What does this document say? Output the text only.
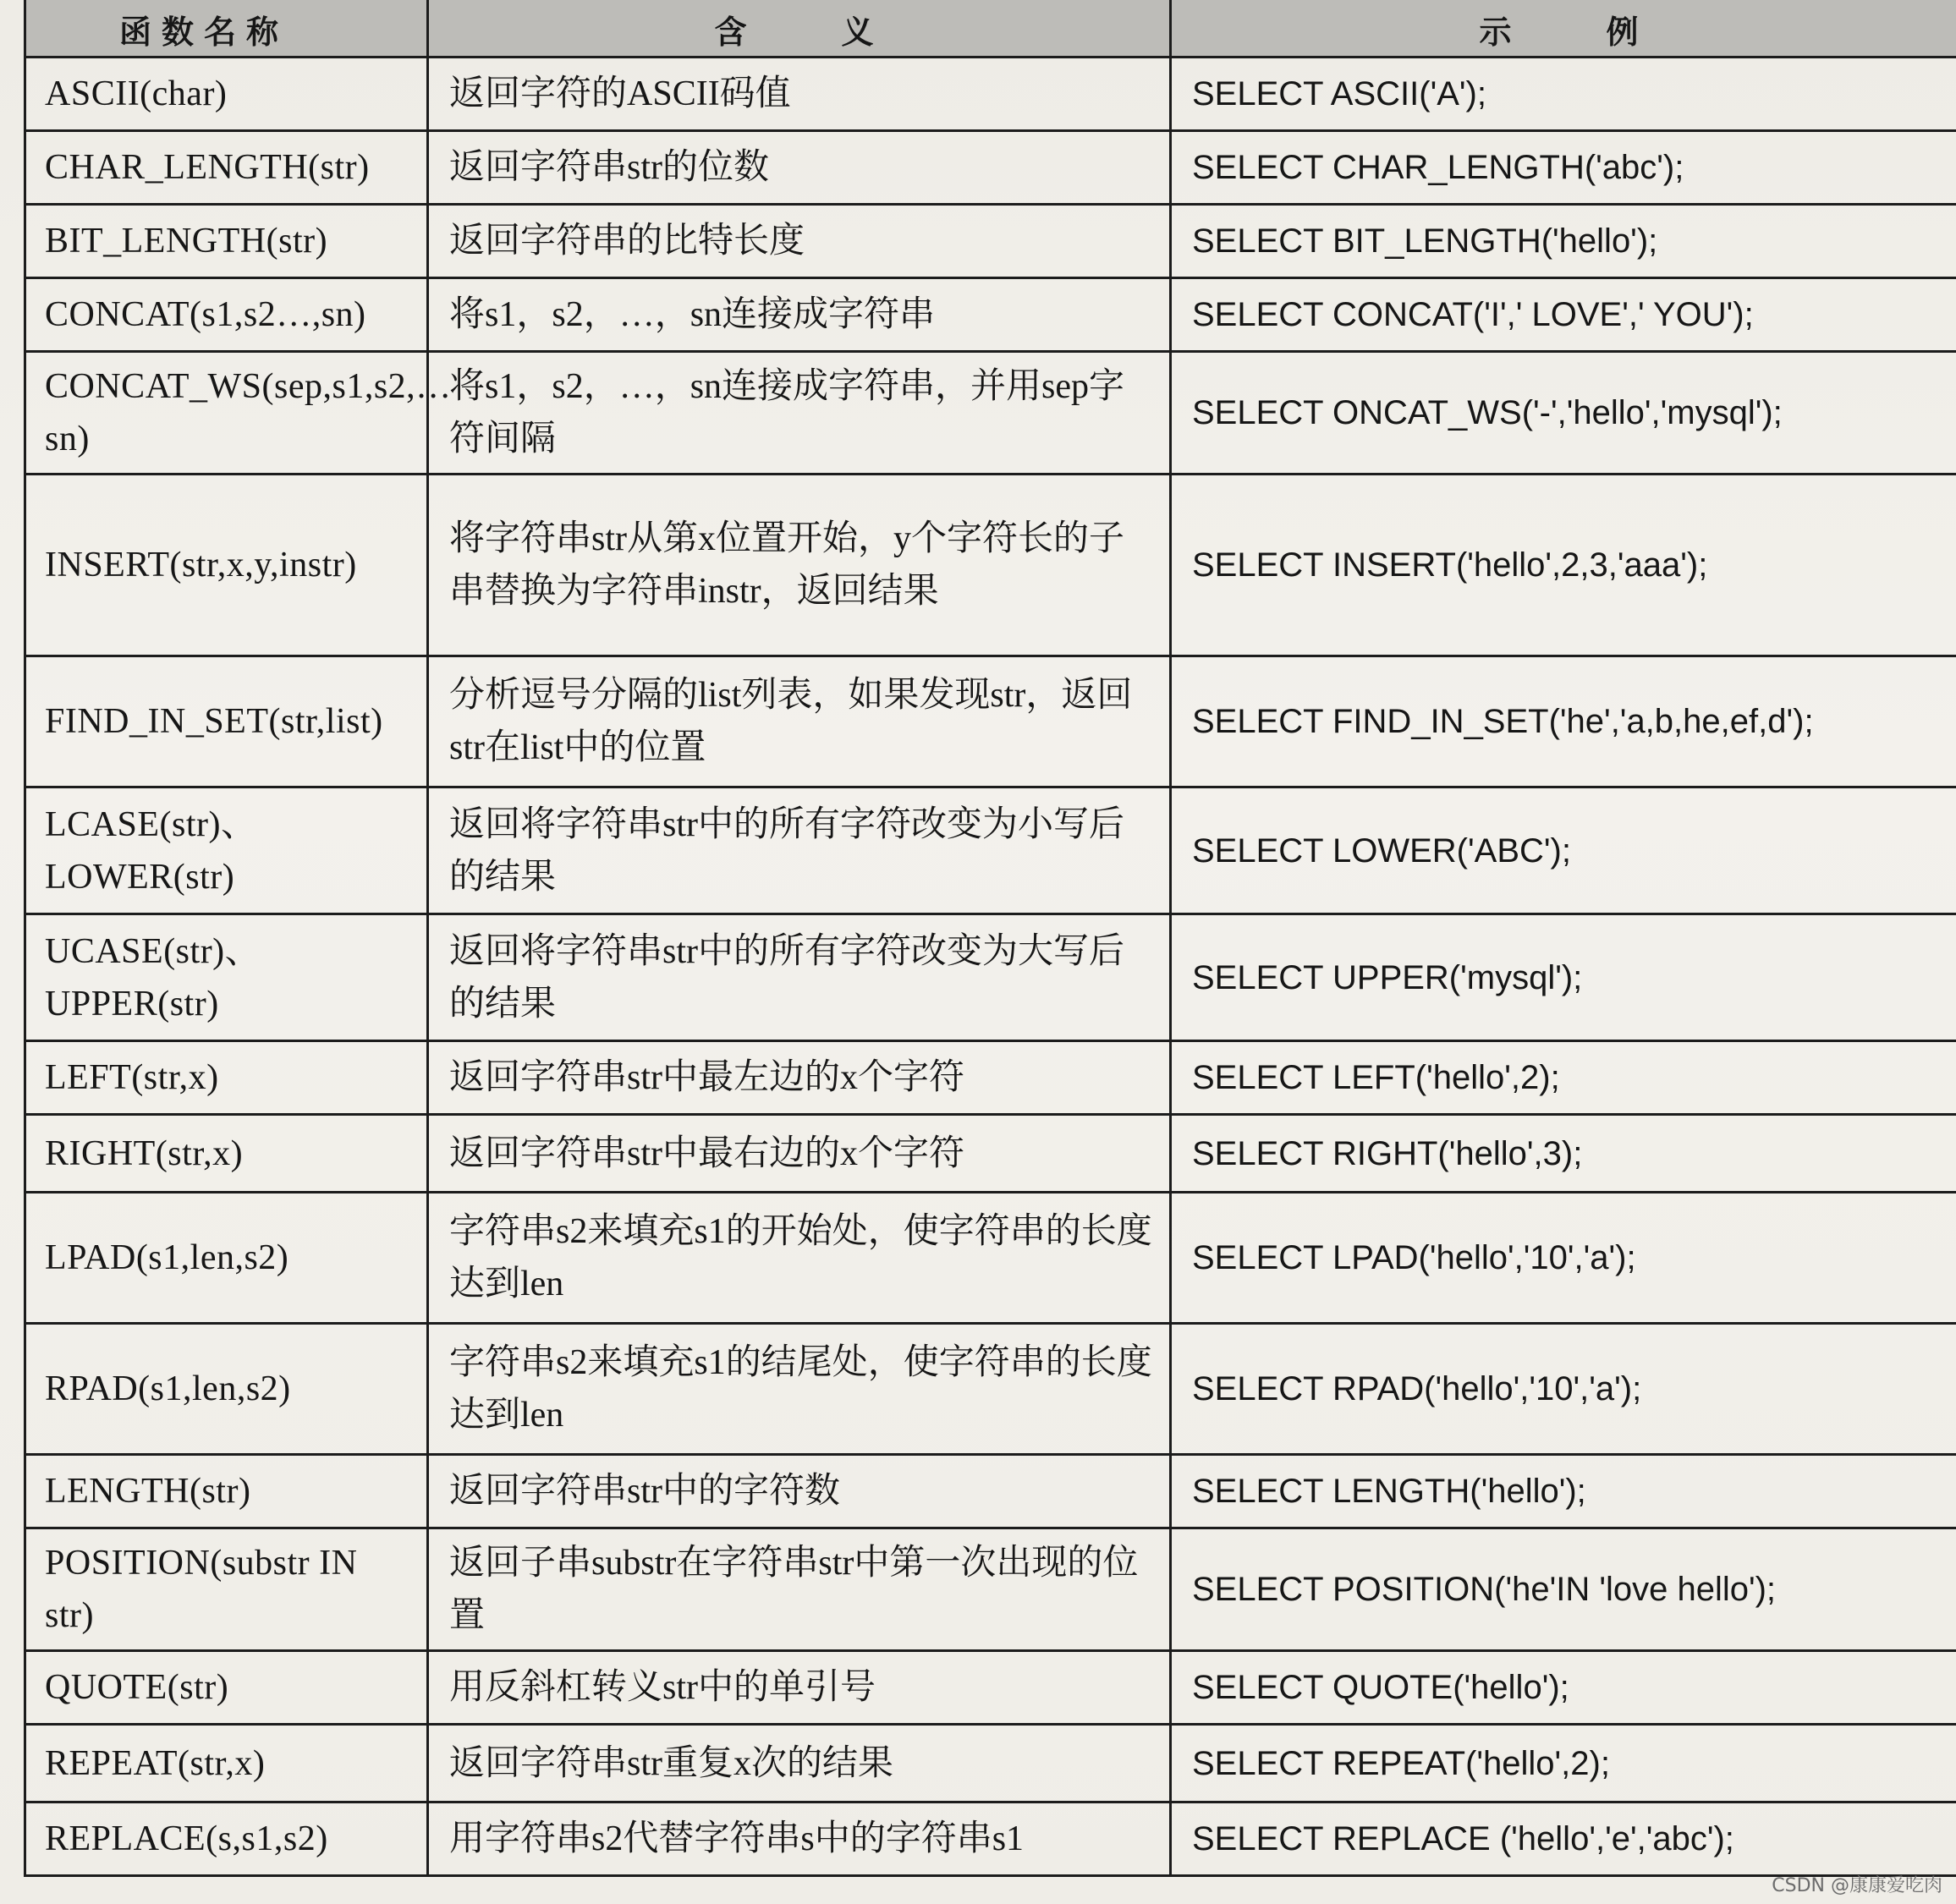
函数名称	含　　义	示　　例
ASCII(char)	返回字符的ASCII码值	SELECT ASCII('A');
CHAR_LENGTH(str)	返回字符串str的位数	SELECT CHAR_LENGTH('abc');
BIT_LENGTH(str)	返回字符串的比特长度	SELECT BIT_LENGTH('hello');
CONCAT(s1,s2…,sn)	将s1，s2，…，sn连接成字符串	SELECT CONCAT('I',' LOVE',' YOU');
CONCAT_WS(sep,s1,s2,…sn)	将s1，s2，…，sn连接成字符串，并用sep字符间隔	SELECT ONCAT_WS('-','hello','mysql');
INSERT(str,x,y,instr)	将字符串str从第x位置开始，y个字符长的子串替换为字符串instr，返回结果	SELECT INSERT('hello',2,3,'aaa');
FIND_IN_SET(str,list)	分析逗号分隔的list列表，如果发现str，返回str在list中的位置	SELECT FIND_IN_SET('he','a,b,he,ef,d');
LCASE(str)、LOWER(str)	返回将字符串str中的所有字符改变为小写后的结果	SELECT LOWER('ABC');
UCASE(str)、UPPER(str)	返回将字符串str中的所有字符改变为大写后的结果	SELECT UPPER('mysql');
LEFT(str,x)	返回字符串str中最左边的x个字符	SELECT LEFT('hello',2);
RIGHT(str,x)	返回字符串str中最右边的x个字符	SELECT RIGHT('hello',3);
LPAD(s1,len,s2)	字符串s2来填充s1的开始处，使字符串的长度达到len	SELECT LPAD('hello','10','a');
RPAD(s1,len,s2)	字符串s2来填充s1的结尾处，使字符串的长度达到len	SELECT RPAD('hello','10','a');
LENGTH(str)	返回字符串str中的字符数	SELECT LENGTH('hello');
POSITION(substr IN str)	返回子串substr在字符串str中第一次出现的位置	SELECT POSITION('he'IN 'love hello');
QUOTE(str)	用反斜杠转义str中的单引号	SELECT QUOTE('hello');
REPEAT(str,x)	返回字符串str重复x次的结果	SELECT REPEAT('hello',2);
REPLACE(s,s1,s2)	用字符串s2代替字符串s中的字符串s1	SELECT REPLACE ('hello','e','abc');
CSDN @康康爱吃肉
